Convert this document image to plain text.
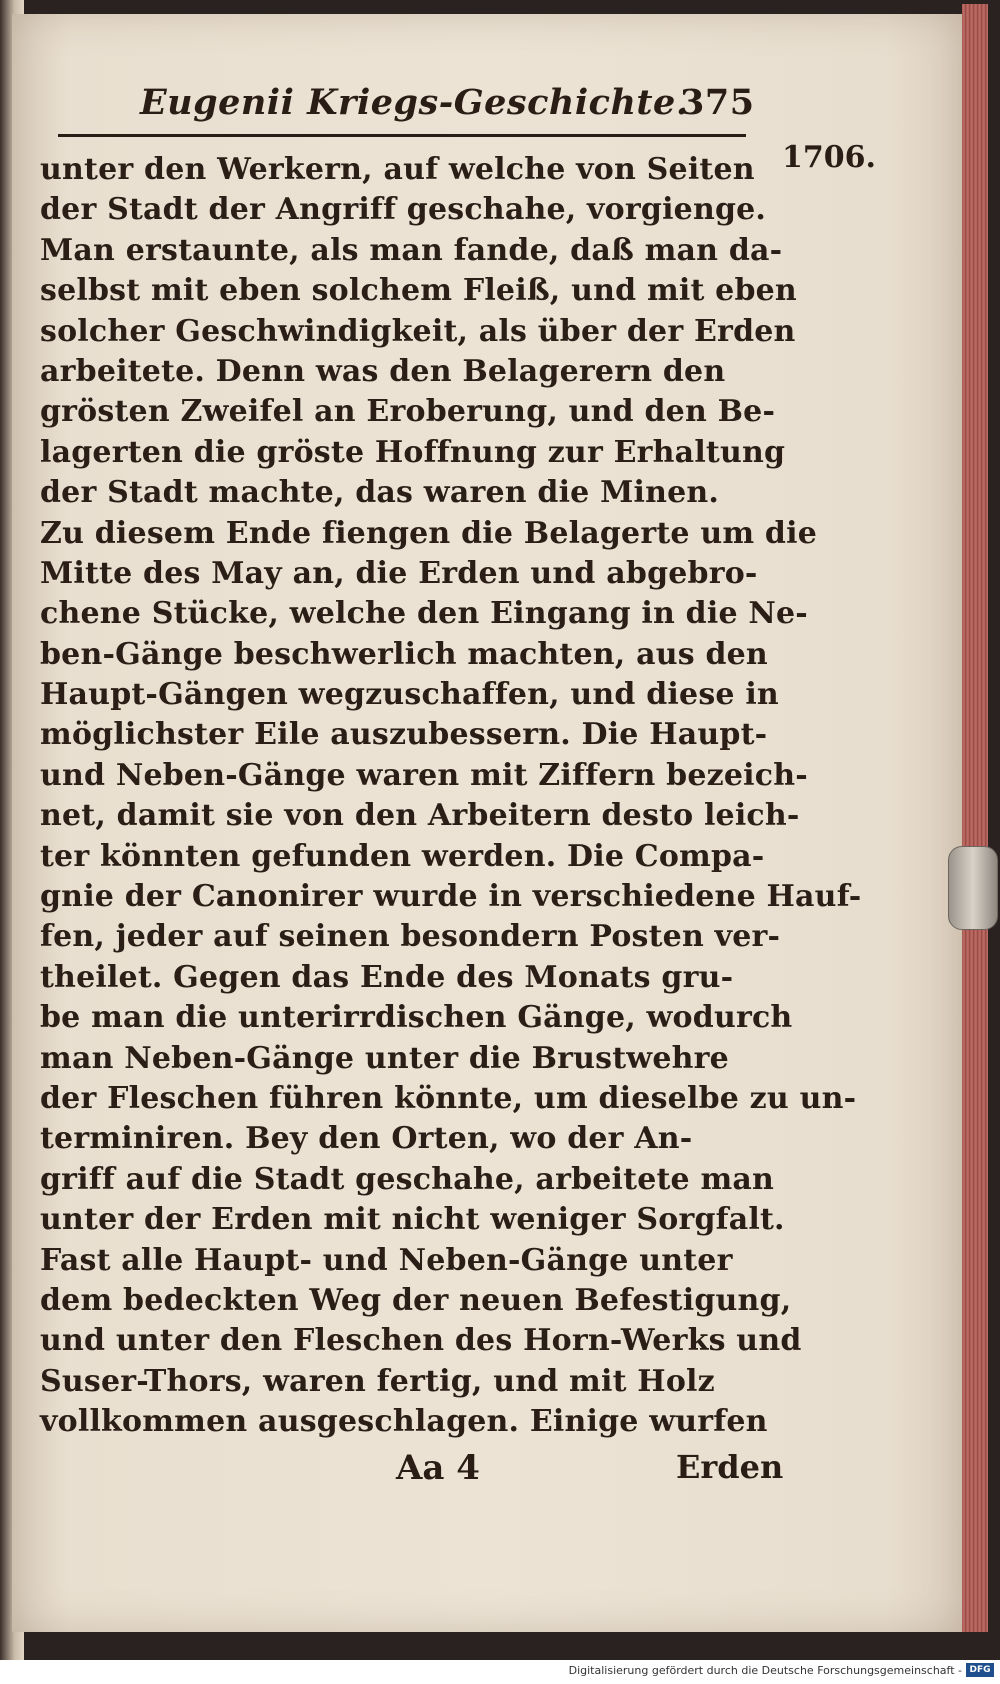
Eugenii Kriegs-Geschichte.
375
1706.
unter den Werkern, auf welche von Seiten
der Stadt der Angriff geschahe, vorgienge.
Man erstaunte, als man fande, daß man da-
selbst mit eben solchem Fleiß, und mit eben
solcher Geschwindigkeit, als über der Erden
arbeitete. Denn was den Belagerern den
grösten Zweifel an Eroberung, und den Be-
lagerten die gröste Hoffnung zur Erhaltung
der Stadt machte, das waren die Minen.
Zu diesem Ende fiengen die Belagerte um die
Mitte des May an, die Erden und abgebro-
chene Stücke, welche den Eingang in die Ne-
ben-Gänge beschwerlich machten, aus den
Haupt-Gängen wegzuschaffen, und diese in
möglichster Eile auszubessern. Die Haupt-
und Neben-Gänge waren mit Ziffern bezeich-
net, damit sie von den Arbeitern desto leich-
ter könnten gefunden werden. Die Compa-
gnie der Canonirer wurde in verschiedene Hauf-
fen, jeder auf seinen besondern Posten ver-
theilet. Gegen das Ende des Monats gru-
be man die unterirrdischen Gänge, wodurch
man Neben-Gänge unter die Brustwehre
der Fleschen führen könnte, um dieselbe zu un-
terminiren. Bey den Orten, wo der An-
griff auf die Stadt geschahe, arbeitete man
unter der Erden mit nicht weniger Sorgfalt.
Fast alle Haupt- und Neben-Gänge unter
dem bedeckten Weg der neuen Befestigung,
und unter den Fleschen des Horn-Werks und
Suser-Thors, waren fertig, und mit Holz
vollkommen ausgeschlagen. Einige wurfen
Aa 4	Erden
Digitalisierung gefördert durch die Deutsche Forschungsgemeinschaft - DFG
